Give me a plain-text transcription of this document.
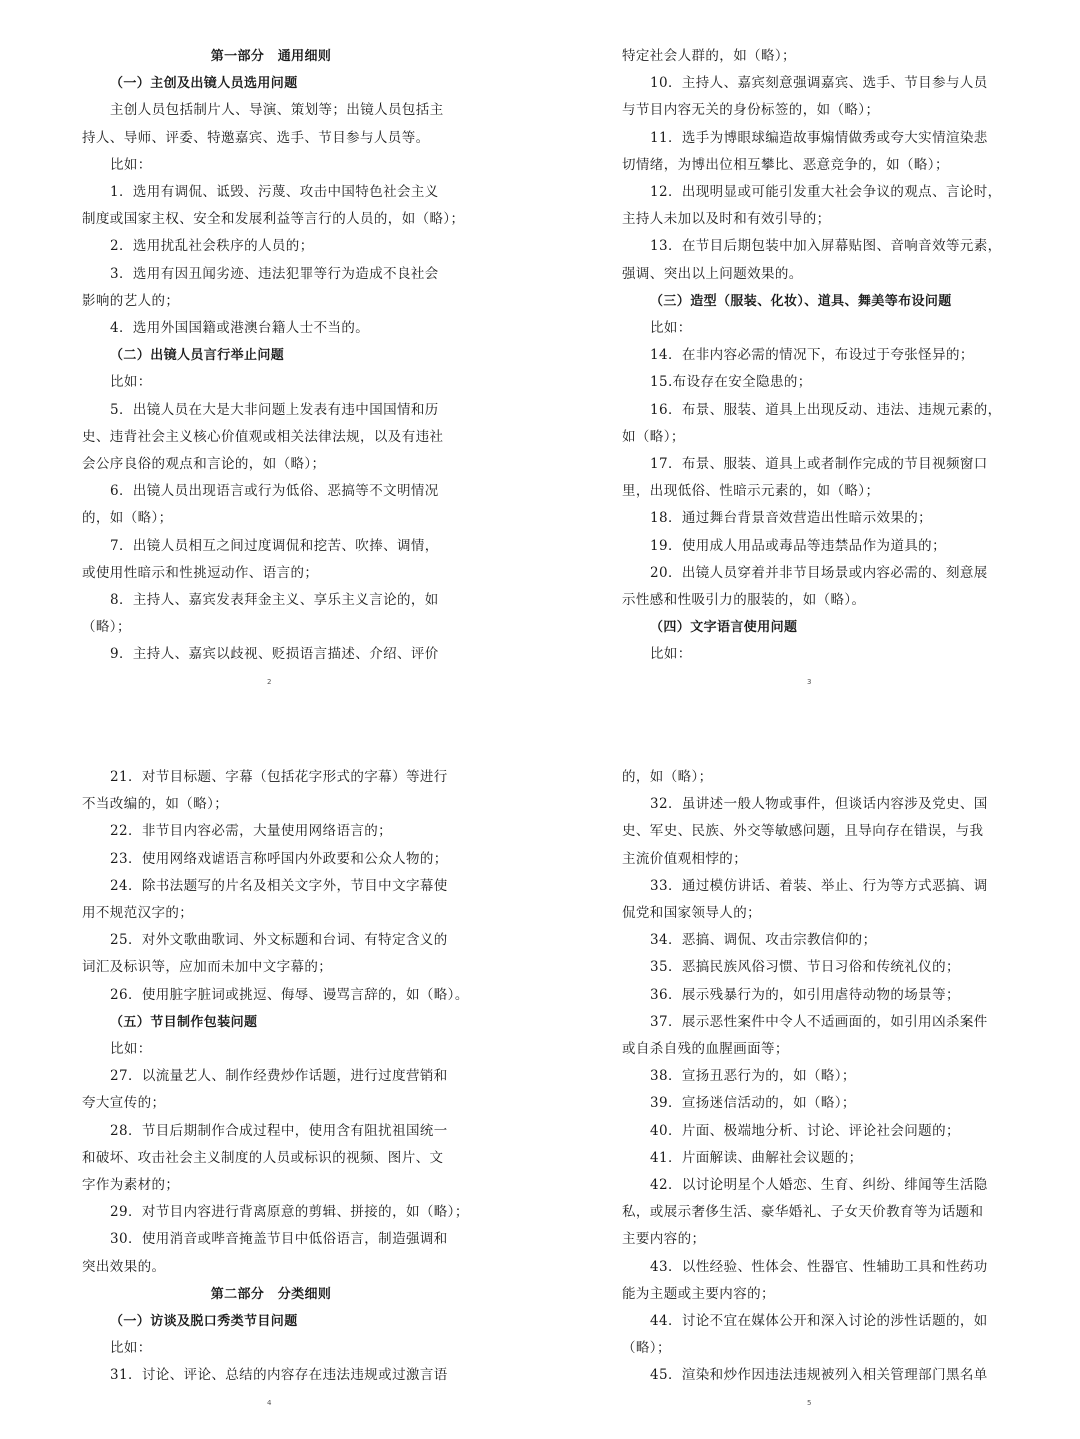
第一部分　通用细则
（一）主创及出镜人员选用问题
主创人员包括制片人、导演、策划等；出镜人员包括主
持人、导师、评委、特邀嘉宾、选手、节目参与人员等。
比如：
1．选用有调侃、诋毁、污蔑、攻击中国特色社会主义
制度或国家主权、安全和发展利益等言行的人员的，如（略）；
2．选用扰乱社会秩序的人员的；
3．选用有因丑闻劣迹、违法犯罪等行为造成不良社会
影响的艺人的；
4．选用外国国籍或港澳台籍人士不当的。
（二）出镜人员言行举止问题
比如：
5．出镜人员在大是大非问题上发表有违中国国情和历
史、违背社会主义核心价值观或相关法律法规，以及有违社
会公序良俗的观点和言论的，如（略）；
6．出镜人员出现语言或行为低俗、恶搞等不文明情况
的，如（略）；
7．出镜人员相互之间过度调侃和挖苦、吹捧、调情，
或使用性暗示和性挑逗动作、语言的；
8．主持人、嘉宾发表拜金主义、享乐主义言论的，如
（略）；
9．主持人、嘉宾以歧视、贬损语言描述、介绍、评价
特定社会人群的，如（略）；
10．主持人、嘉宾刻意强调嘉宾、选手、节目参与人员
与节目内容无关的身份标签的，如（略）；
11．选手为博眼球编造故事煽情做秀或夸大实情渲染悲
切情绪，为博出位相互攀比、恶意竞争的，如（略）；
12．出现明显或可能引发重大社会争议的观点、言论时，
主持人未加以及时和有效引导的；
13．在节目后期包装中加入屏幕贴图、音响音效等元素，
强调、突出以上问题效果的。
（三）造型（服装、化妆）、道具、舞美等布设问题
比如：
14．在非内容必需的情况下，布设过于夸张怪异的；
15.布设存在安全隐患的；
16．布景、服装、道具上出现反动、违法、违规元素的，
如（略）；
17．布景、服装、道具上或者制作完成的节目视频窗口
里，出现低俗、性暗示元素的，如（略）；
18．通过舞台背景音效营造出性暗示效果的；
19．使用成人用品或毒品等违禁品作为道具的；
20．出镜人员穿着并非节目场景或内容必需的、刻意展
示性感和性吸引力的服装的，如（略）。
（四）文字语言使用问题
比如：
21．对节目标题、字幕（包括花字形式的字幕）等进行
不当改编的，如（略）；
22．非节目内容必需，大量使用网络语言的；
23．使用网络戏谑语言称呼国内外政要和公众人物的；
24．除书法题写的片名及相关文字外，节目中文字幕使
用不规范汉字的；
25．对外文歌曲歌词、外文标题和台词、有特定含义的
词汇及标识等，应加而未加中文字幕的；
26．使用脏字脏词或挑逗、侮辱、谩骂言辞的，如（略）。
（五）节目制作包装问题
比如：
27．以流量艺人、制作经费炒作话题，进行过度营销和
夸大宣传的；
28．节目后期制作合成过程中，使用含有阻扰祖国统一
和破坏、攻击社会主义制度的人员或标识的视频、图片、文
字作为素材的；
29．对节目内容进行背离原意的剪辑、拼接的，如（略）；
30．使用消音或哔音掩盖节目中低俗语言，制造强调和
突出效果的。
第二部分　分类细则
（一）访谈及脱口秀类节目问题
比如：
31．讨论、评论、总结的内容存在违法违规或过激言语
的，如（略）；
32．虽讲述一般人物或事件，但谈话内容涉及党史、国
史、军史、民族、外交等敏感问题，且导向存在错误，与我
主流价值观相悖的；
33．通过模仿讲话、着装、举止、行为等方式恶搞、调
侃党和国家领导人的；
34．恶搞、调侃、攻击宗教信仰的；
35．恶搞民族风俗习惯、节日习俗和传统礼仪的；
36．展示残暴行为的，如引用虐待动物的场景等；
37．展示恶性案件中令人不适画面的，如引用凶杀案件
或自杀自残的血腥画面等；
38．宣扬丑恶行为的，如（略）；
39．宣扬迷信活动的，如（略）；
40．片面、极端地分析、讨论、评论社会问题的；
41．片面解读、曲解社会议题的；
42．以讨论明星个人婚恋、生育、纠纷、绯闻等生活隐
私，或展示奢侈生活、豪华婚礼、子女天价教育等为话题和
主要内容的；
43．以性经验、性体会、性器官、性辅助工具和性药功
能为主题或主要内容的；
44．讨论不宜在媒体公开和深入讨论的涉性话题的，如
（略）；
45．渲染和炒作因违法违规被列入相关管理部门黑名单
2	3
4	5
